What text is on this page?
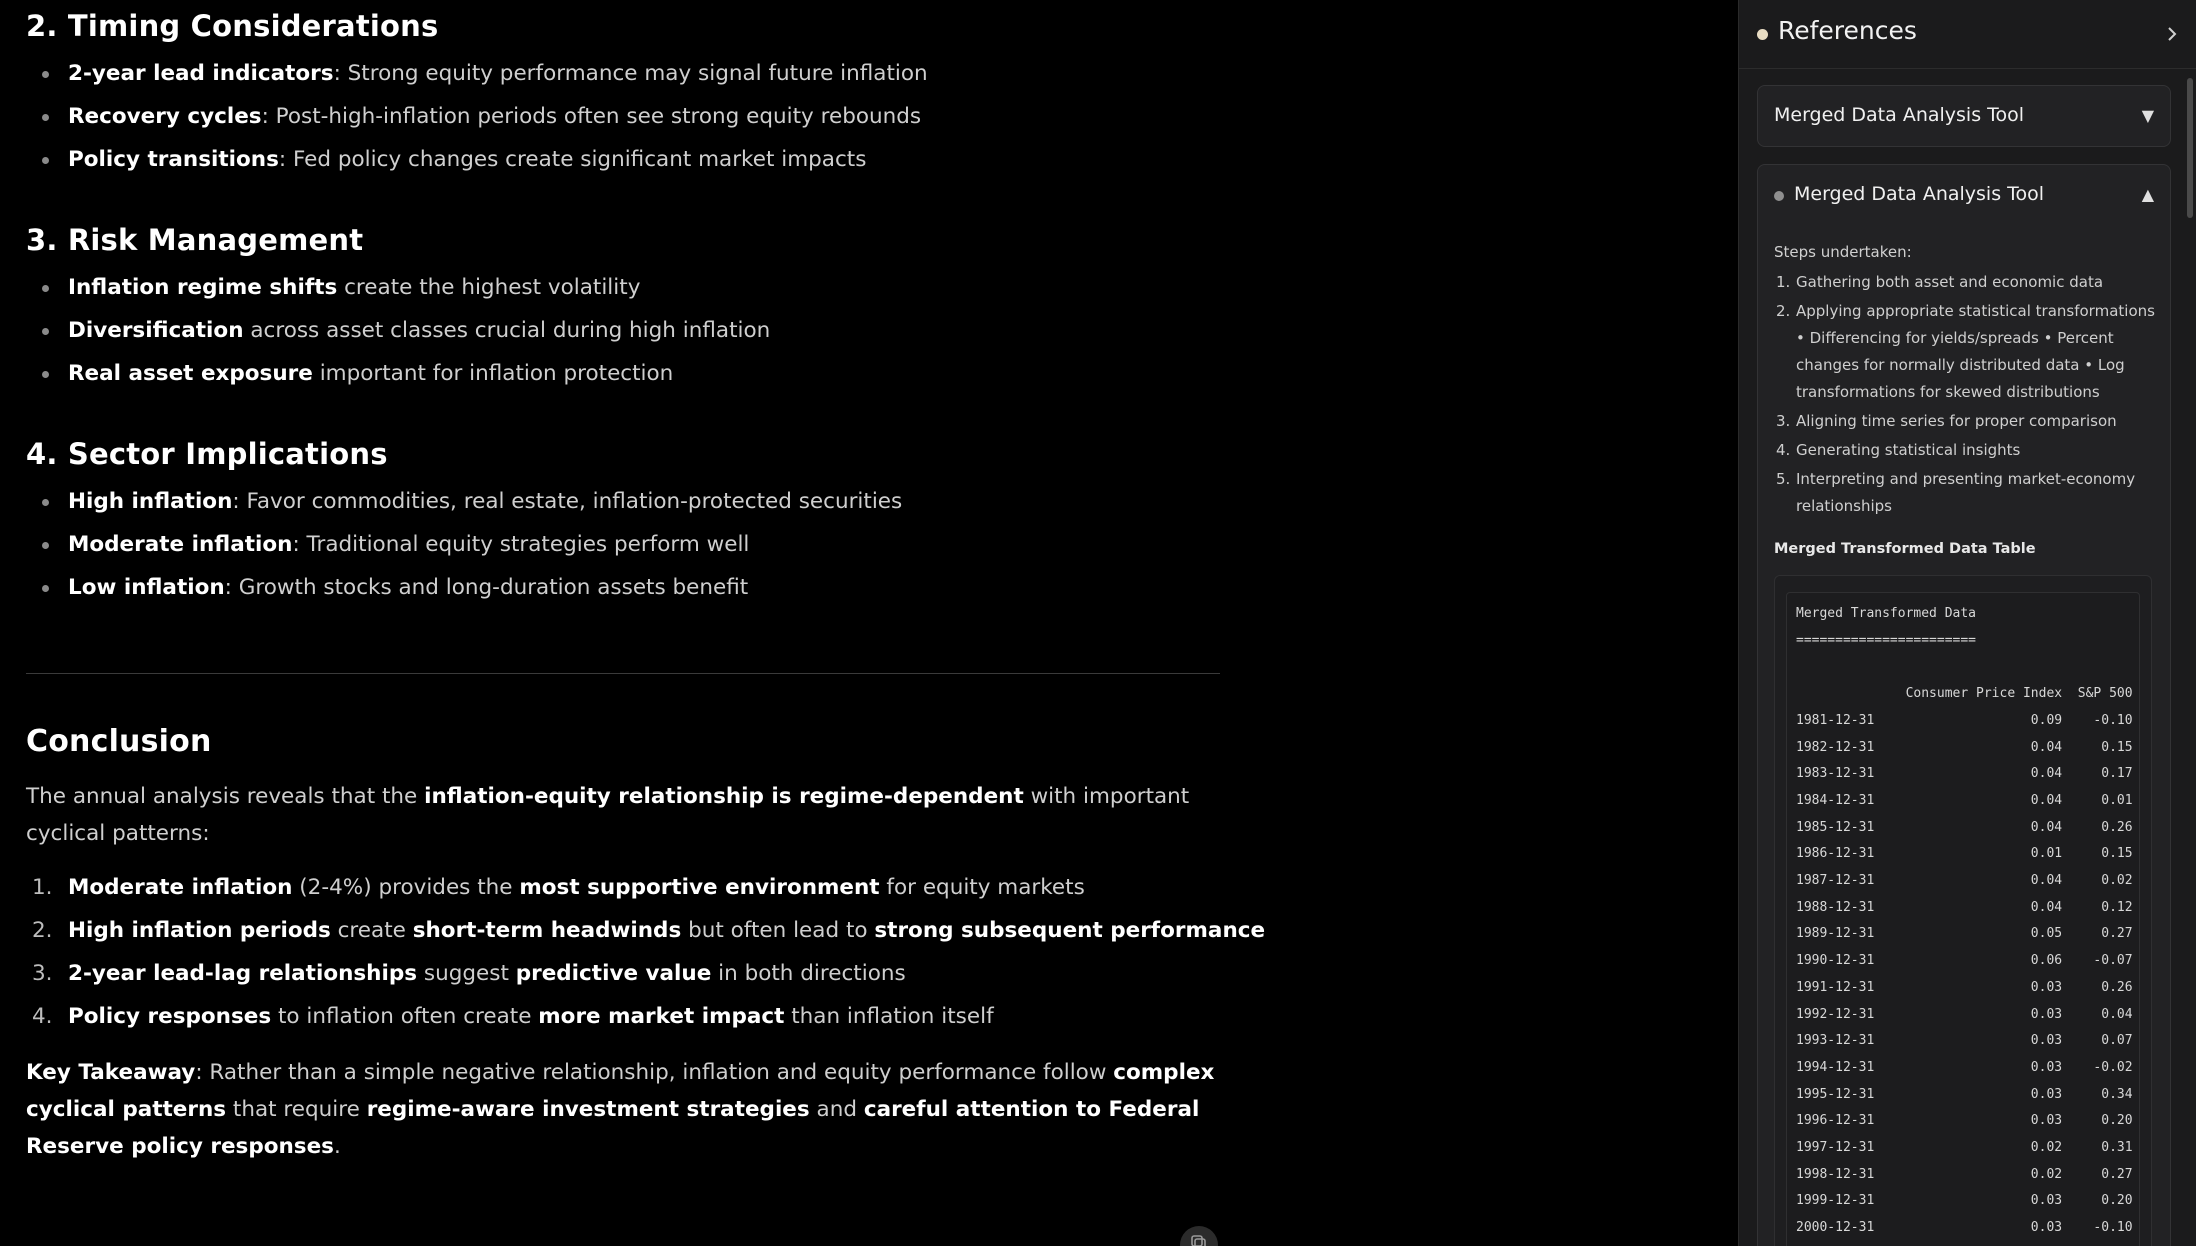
2. Timing Considerations
2-year lead indicators: Strong equity performance may signal future inflation
Recovery cycles: Post-high-inflation periods often see strong equity rebounds
Policy transitions: Fed policy changes create significant market impacts
3. Risk Management
Inflation regime shifts create the highest volatility
Diversification across asset classes crucial during high inflation
Real asset exposure important for inflation protection
4. Sector Implications
High inflation: Favor commodities, real estate, inflation-protected securities
Moderate inflation: Traditional equity strategies perform well
Low inflation: Growth stocks and long-duration assets benefit
Conclusion

The annual analysis reveals that the inflation-equity relationship is regime-dependent with important cyclical patterns:

1. Moderate inflation (2-4%) provides the most supportive environment for equity markets
2. High inflation periods create short-term headwinds but often lead to strong subsequent performance
3. 2-year lead-lag relationships suggest predictive value in both directions
4. Policy responses to inflation often create more market impact than inflation itself

Key Takeaway: Rather than a simple negative relationship, inflation and equity performance follow complex cyclical patterns that require regime-aware investment strategies and careful attention to Federal Reserve policy responses.

References
Merged Data Analysis Tool	▼
Merged Data Analysis Tool	▲
Steps undertaken:
1. Gathering both asset and economic data
2. Applying appropriate statistical transformations • Differencing for yields/spreads • Percent changes for normally distributed data • Log transformations for skewed distributions
3. Aligning time series for proper comparison
4. Generating statistical insights
5. Interpreting and presenting market-economy relationships
Merged Transformed Data Table
Merged Transformed Data
=======================

Consumer Price Index  S&P 500
1981-12-31                    0.09    -0.10
1982-12-31                    0.04     0.15
1983-12-31                    0.04     0.17
1984-12-31                    0.04     0.01
1985-12-31                    0.04     0.26
1986-12-31                    0.01     0.15
1987-12-31                    0.04     0.02
1988-12-31                    0.04     0.12
1989-12-31                    0.05     0.27
1990-12-31                    0.06    -0.07
1991-12-31                    0.03     0.26
1992-12-31                    0.03     0.04
1993-12-31                    0.03     0.07
1994-12-31                    0.03    -0.02
1995-12-31                    0.03     0.34
1996-12-31                    0.03     0.20
1997-12-31                    0.02     0.31
1998-12-31                    0.02     0.27
1999-12-31                    0.03     0.20
2000-12-31                    0.03    -0.10
